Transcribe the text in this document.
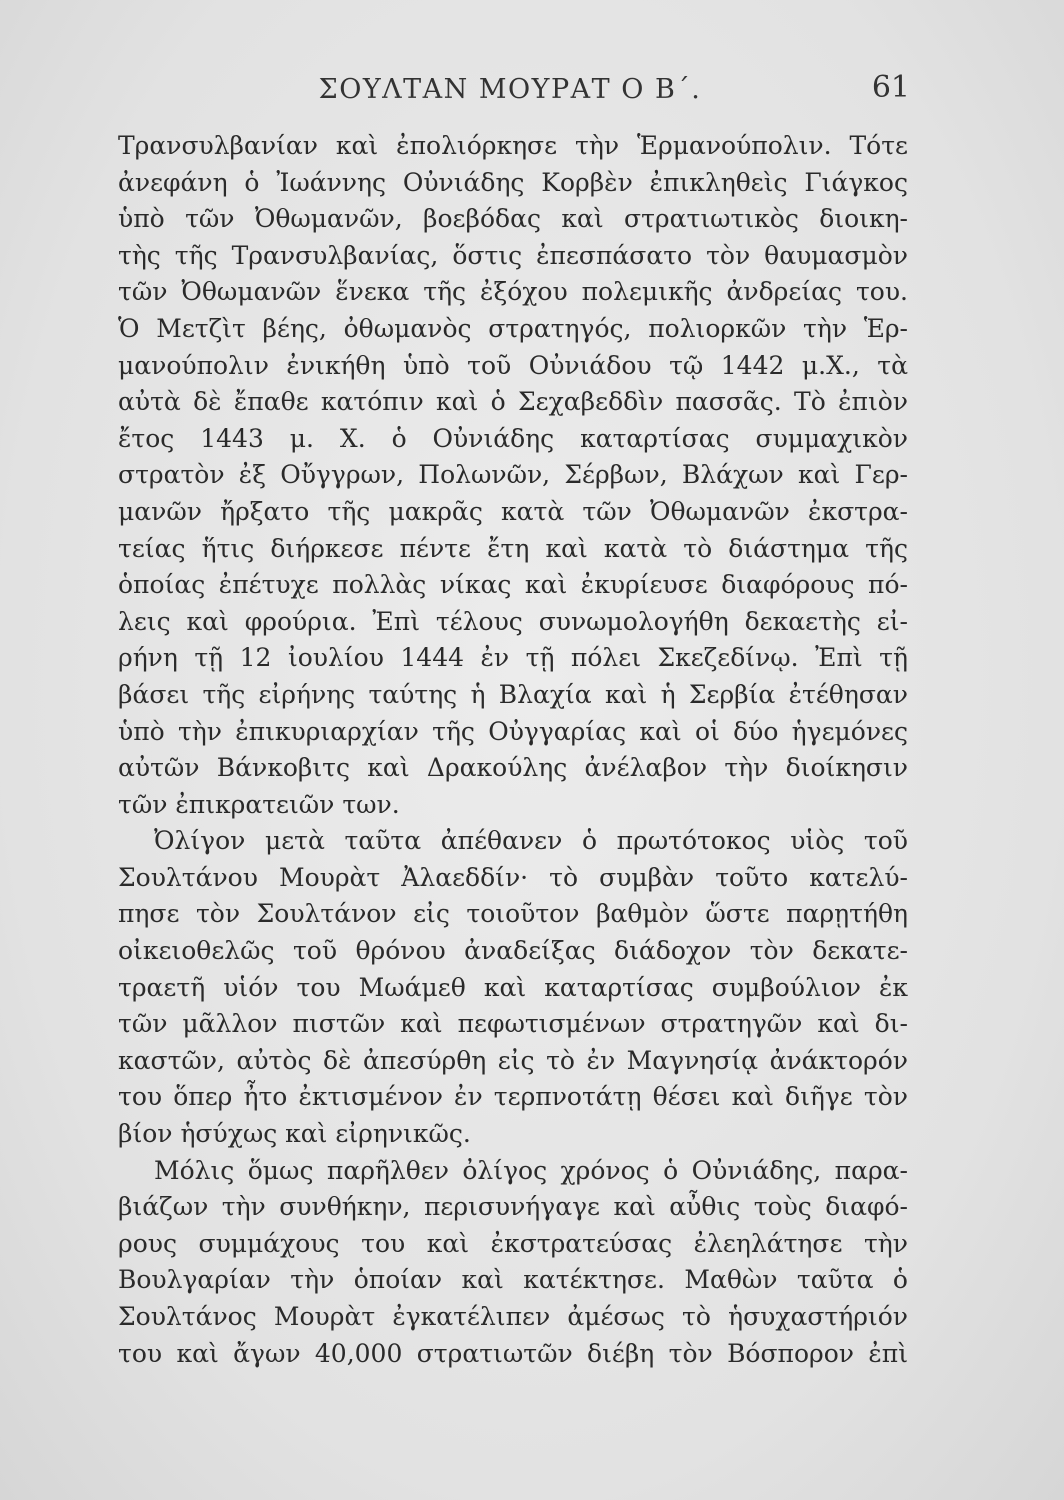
ΣΟΥΛΤΑΝ ΜΟΥΡΑΤ Ο Β΄.	61
Τρανσυλβανίαν καὶ ἐπολιόρκησε τὴν Ἑρμανούπολιν. Τότε
ἀνεφάνη ὁ Ἰωάννης Οὐνιάδης Κορβὲν ἐπικληθεὶς Γιάγκος
ὑπὸ τῶν Ὀθωμανῶν, βοεβόδας καὶ στρατιωτικὸς διοικη-
τὴς τῆς Τρανσυλβανίας, ὅστις ἐπεσπάσατο τὸν θαυμασμὸν
τῶν Ὀθωμανῶν ἕνεκα τῆς ἐξόχου πολεμικῆς ἀνδρείας του.
Ὁ Μετζὶτ βέης, ὀθωμανὸς στρατηγός, πολιορκῶν τὴν Ἑρ-
μανούπολιν ἐνικήθη ὑπὸ τοῦ Οὐνιάδου τῷ 1442 μ.Χ., τὰ
αὐτὰ δὲ ἔπαθε κατόπιν καὶ ὁ Σεχαβεδδὶν πασσᾶς. Τὸ ἐπιὸν
ἔτος 1443 μ. Χ. ὁ Οὐνιάδης καταρτίσας συμμαχικὸν
στρατὸν ἐξ Οὔγγρων, Πολωνῶν, Σέρβων, Βλάχων καὶ Γερ-
μανῶν ἤρξατο τῆς μακρᾶς κατὰ τῶν Ὀθωμανῶν ἐκστρα-
τείας ἥτις διήρκεσε πέντε ἔτη καὶ κατὰ τὸ διάστημα τῆς
ὁποίας ἐπέτυχε πολλὰς νίκας καὶ ἐκυρίευσε διαφόρους πό-
λεις καὶ φρούρια. Ἐπὶ τέλους συνωμολογήθη δεκαετὴς εἰ-
ρήνη τῇ 12 ἰουλίου 1444 ἐν τῇ πόλει Σκεζεδίνῳ. Ἐπὶ τῇ
βάσει τῆς εἰρήνης ταύτης ἡ Βλαχία καὶ ἡ Σερβία ἐτέθησαν
ὑπὸ τὴν ἐπικυριαρχίαν τῆς Οὐγγαρίας καὶ οἱ δύο ἡγεμόνες
αὐτῶν Βάνκοβιτς καὶ Δρακούλης ἀνέλαβον τὴν διοίκησιν
τῶν ἐπικρατειῶν των.
Ὀλίγον μετὰ ταῦτα ἀπέθανεν ὁ πρωτότοκος υἱὸς τοῦ
Σουλτάνου Μουρὰτ Ἀλαεδδίν· τὸ συμβὰν τοῦτο κατελύ-
πησε τὸν Σουλτάνον εἰς τοιοῦτον βαθμὸν ὥστε παρῃτήθη
οἰκειοθελῶς τοῦ θρόνου ἀναδείξας διάδοχον τὸν δεκατε-
τραετῆ υἱόν του Μωάμεθ καὶ καταρτίσας συμβούλιον ἐκ
τῶν μᾶλλον πιστῶν καὶ πεφωτισμένων στρατηγῶν καὶ δι-
καστῶν, αὐτὸς δὲ ἀπεσύρθη εἰς τὸ ἐν Μαγνησίᾳ ἀνάκτορόν
του ὅπερ ἦτο ἐκτισμένον ἐν τερπνοτάτῃ θέσει καὶ διῆγε τὸν
βίον ἡσύχως καὶ εἰρηνικῶς.
Μόλις ὅμως παρῆλθεν ὀλίγος χρόνος ὁ Οὐνιάδης, παρα-
βιάζων τὴν συνθήκην, περισυνήγαγε καὶ αὖθις τοὺς διαφό-
ρους συμμάχους του καὶ ἐκστρατεύσας ἐλεηλάτησε τὴν
Βουλγαρίαν τὴν ὁποίαν καὶ κατέκτησε. Μαθὼν ταῦτα ὁ
Σουλτάνος Μουρὰτ ἐγκατέλιπεν ἀμέσως τὸ ἡσυχαστήριόν
του καὶ ἄγων 40,000 στρατιωτῶν διέβη τὸν Βόσπορον ἐπὶ
